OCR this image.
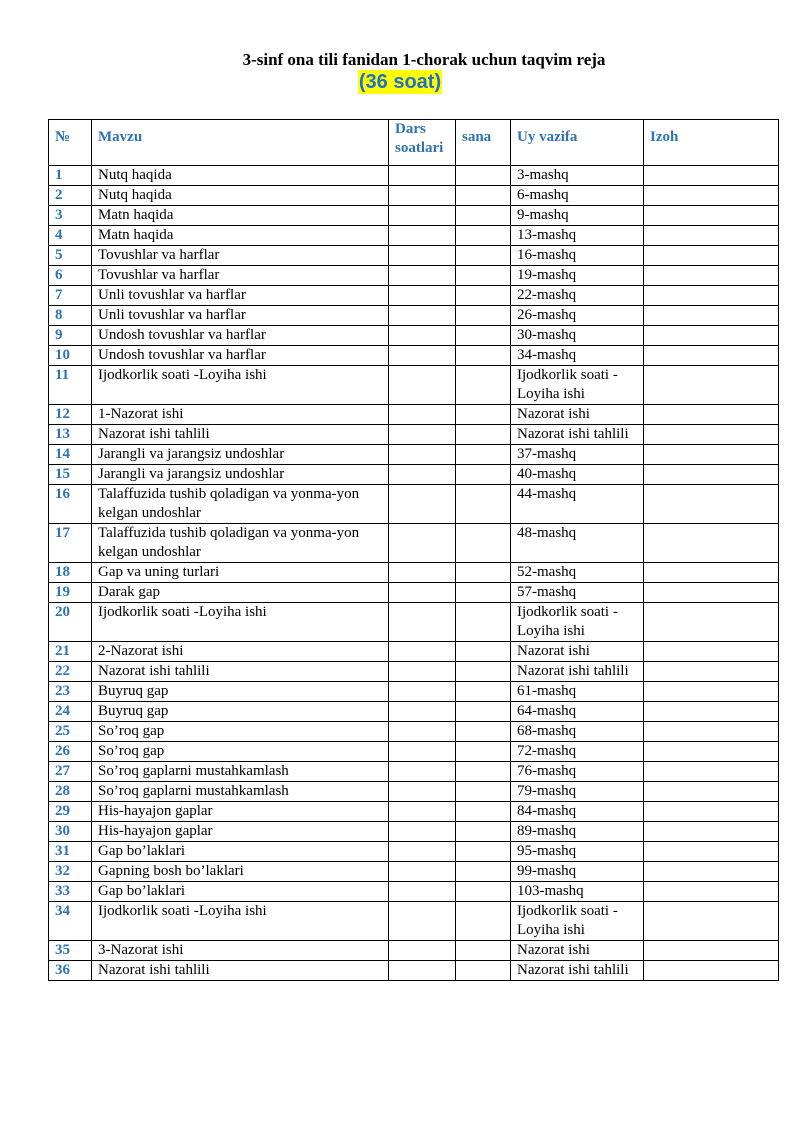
3-sinf ona tili fanidan 1-chorak uchun taqvim reja
(36 soat)
№	Mavzu	Dars soatlari	sana	Uy vazifa	Izoh
1	Nutq haqida			3-mashq	
2	Nutq haqida			6-mashq	
3	Matn haqida			9-mashq	
4	Matn haqida			13-mashq	
5	Tovushlar va harflar			16-mashq	
6	Tovushlar va harflar			19-mashq	
7	Unli tovushlar va harflar			22-mashq	
8	Unli tovushlar va harflar			26-mashq	
9	Undosh tovushlar va harflar			30-mashq	
10	Undosh tovushlar va harflar			34-mashq	
11	Ijodkorlik soati -Loyiha ishi			Ijodkorlik soati -Loyiha ishi	
12	1-Nazorat ishi			Nazorat ishi	
13	Nazorat ishi tahlili			Nazorat ishi tahlili	
14	Jarangli va jarangsiz undoshlar			37-mashq	
15	Jarangli va jarangsiz undoshlar			40-mashq	
16	Talaffuzida tushib qoladigan va yonma-yon kelgan undoshlar			44-mashq	
17	Talaffuzida tushib qoladigan va yonma-yon kelgan undoshlar			48-mashq	
18	Gap va uning turlari			52-mashq	
19	Darak gap			57-mashq	
20	Ijodkorlik soati -Loyiha ishi			Ijodkorlik soati -Loyiha ishi	
21	2-Nazorat ishi			Nazorat ishi	
22	Nazorat ishi tahlili			Nazorat ishi tahlili	
23	Buyruq gap			61-mashq	
24	Buyruq gap			64-mashq	
25	So’roq gap			68-mashq	
26	So’roq gap			72-mashq	
27	So’roq gaplarni mustahkamlash			76-mashq	
28	So’roq gaplarni mustahkamlash			79-mashq	
29	His-hayajon gaplar			84-mashq	
30	His-hayajon gaplar			89-mashq	
31	Gap bo’laklari			95-mashq	
32	Gapning bosh bo’laklari			99-mashq	
33	Gap bo’laklari			103-mashq	
34	Ijodkorlik soati -Loyiha ishi			Ijodkorlik soati -Loyiha ishi	
35	3-Nazorat ishi			Nazorat ishi	
36	Nazorat ishi tahlili			Nazorat ishi tahlili	
